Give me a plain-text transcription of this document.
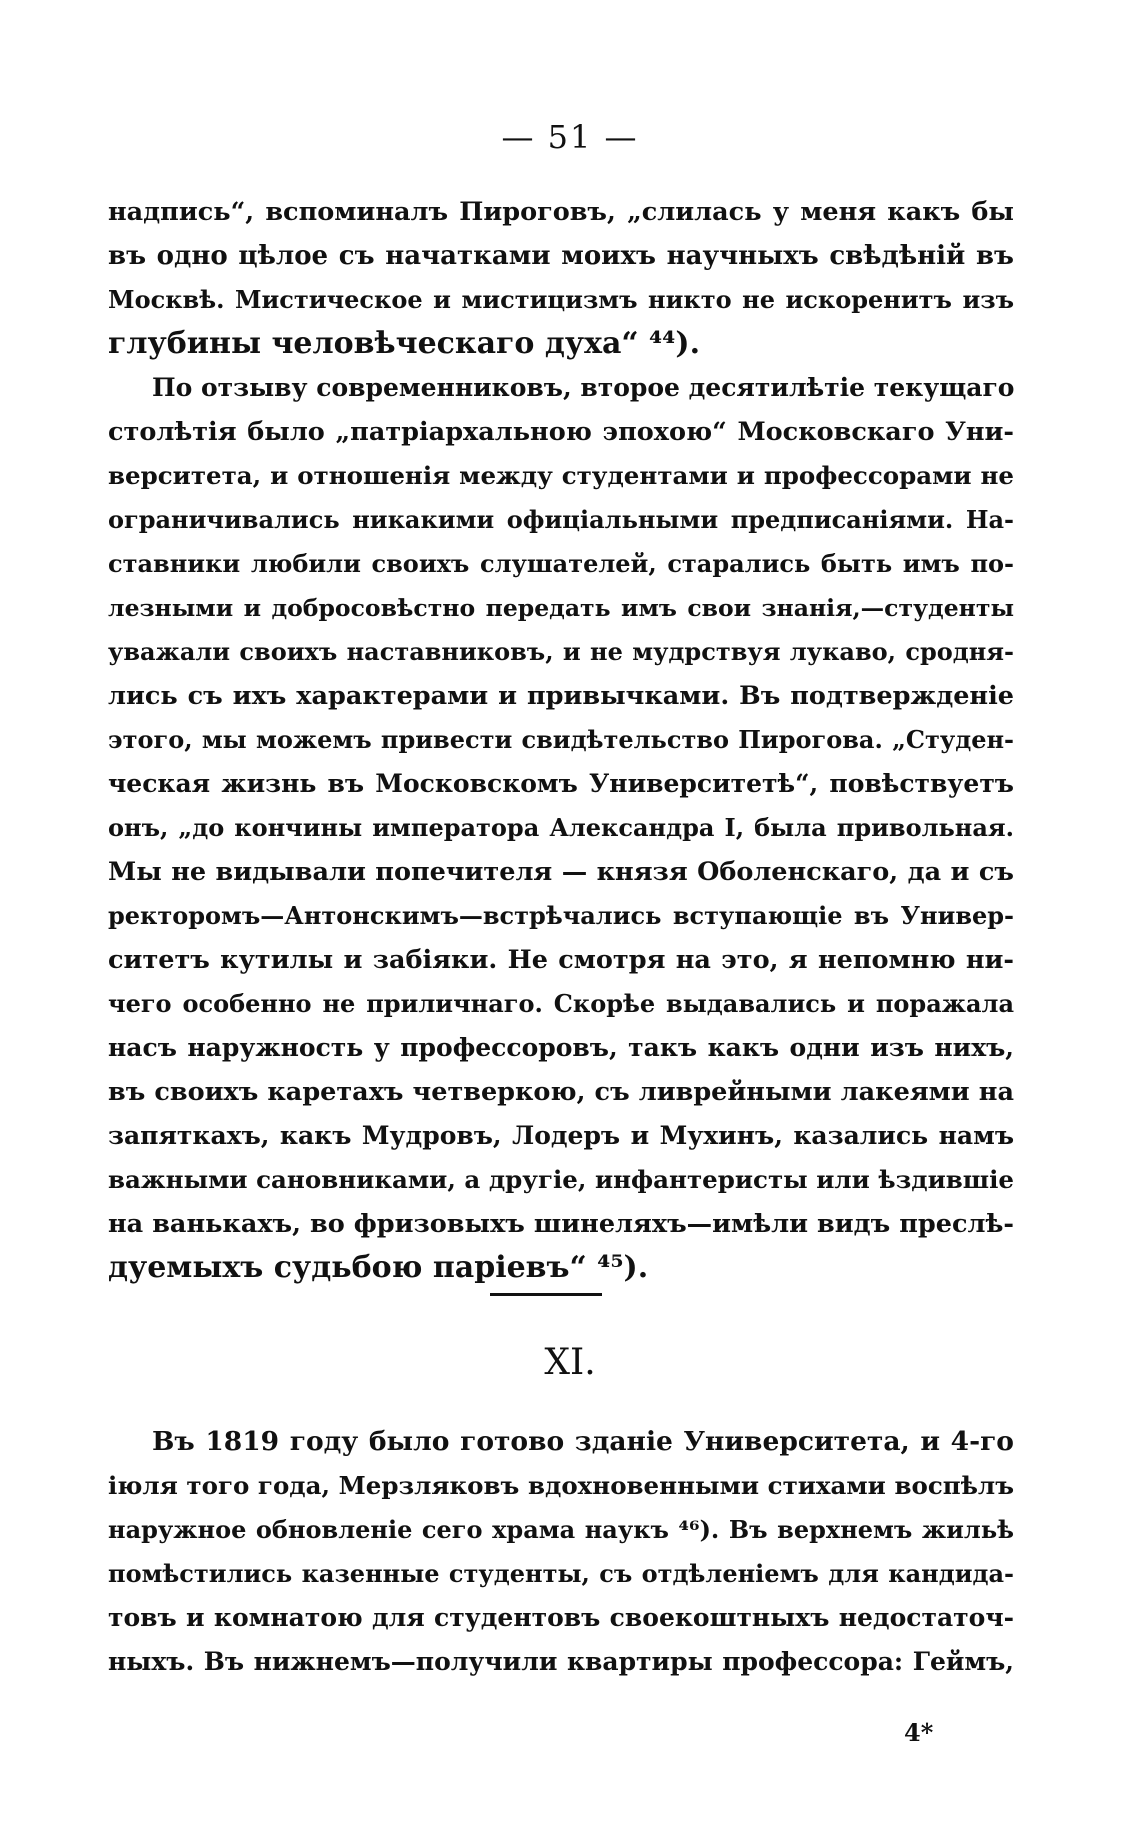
— 51 —
надпись“, вспоминалъ Пироговъ, „слилась у меня какъ бы
въ одно цѣлое съ начатками моихъ научныхъ свѣдѣній въ
Москвѣ. Мистическое и мистицизмъ никто не искоренитъ изъ
глубины человѣческаго духа“ ⁴⁴).
По отзыву современниковъ, второе десятилѣтіе текущаго
столѣтія было „патріархальною эпохою“ Московскаго Уни-
верситета, и отношенія между студентами и профессорами не
ограничивались никакими офиціальными предписаніями. На-
ставники любили своихъ слушателей, старались быть имъ по-
лезными и добросовѣстно передать имъ свои знанія,—студенты
уважали своихъ наставниковъ, и не мудрствуя лукаво, сродня-
лись съ ихъ характерами и привычками. Въ подтвержденіе
этого, мы можемъ привести свидѣтельство Пирогова. „Студен-
ческая жизнь въ Московскомъ Университетѣ“, повѣствуетъ
онъ, „до кончины императора Александра I, была привольная.
Мы не видывали попечителя — князя Оболенскаго, да и съ
ректоромъ—Антонскимъ—встрѣчались вступающіе въ Универ-
ситетъ кутилы и забіяки. Не смотря на это, я непомню ни-
чего особенно не приличнаго. Скорѣе выдавались и поражала
насъ наружность у профессоровъ, такъ какъ одни изъ нихъ,
въ своихъ каретахъ четверкою, съ ливрейными лакеями на
запяткахъ, какъ Мудровъ, Лодеръ и Мухинъ, казались намъ
важными сановниками, а другіе, инфантеристы или ѣздившіе
на ванькахъ, во фризовыхъ шинеляхъ—имѣли видъ преслѣ-
дуемыхъ судьбою паріевъ“ ⁴⁵).
XI.
Въ 1819 году было готово зданіе Университета, и 4-го
іюля того года, Мерзляковъ вдохновенными стихами воспѣлъ
наружное обновленіе сего храма наукъ ⁴⁶). Въ верхнемъ жильѣ
помѣстились казенные студенты, съ отдѣленіемъ для кандида-
товъ и комнатою для студентовъ своекоштныхъ недостаточ-
ныхъ. Въ нижнемъ—получили квартиры профессора: Геймъ,
4*
